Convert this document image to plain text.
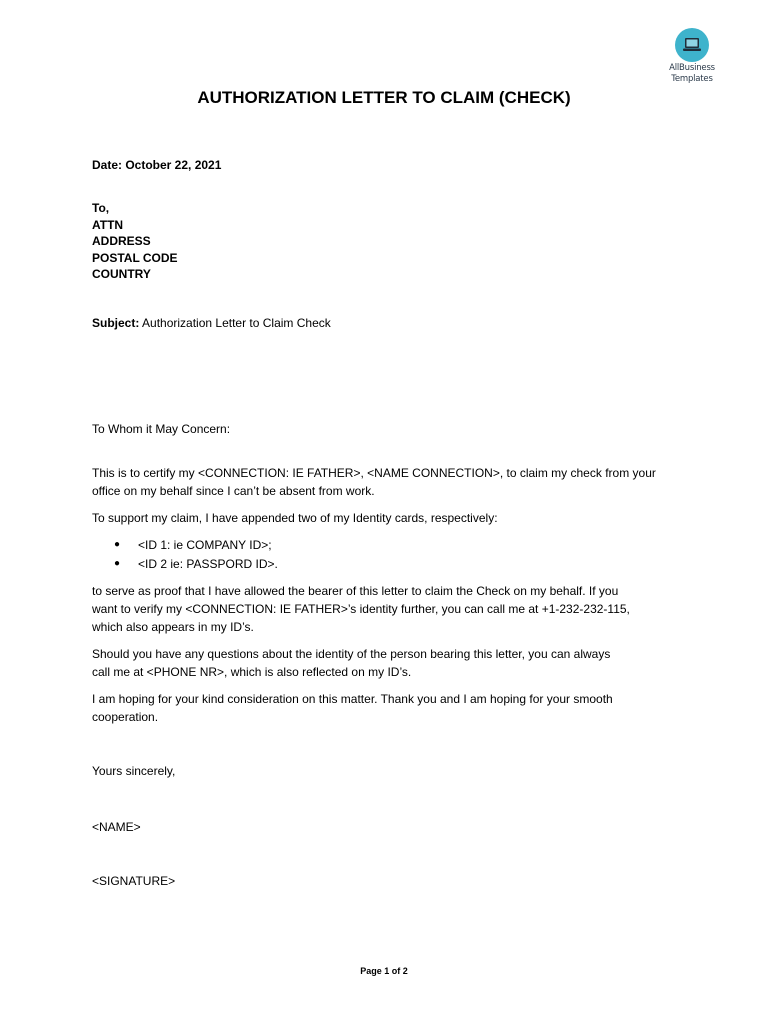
AllBusiness
Templates
AUTHORIZATION LETTER TO CLAIM (CHECK)
Date: October 22, 2021
To,
ATTN
ADDRESS
POSTAL CODE
COUNTRY
Subject: Authorization Letter to Claim Check
To Whom it May Concern:
This is to certify my <CONNECTION: IE FATHER>, <NAME CONNECTION>, to claim my check from your
office on my behalf since I can’t be absent from work.
To support my claim, I have appended two of my Identity cards, respectively:
● <ID 1: ie COMPANY ID>;
● <ID 2 ie: PASSPORD ID>.
to serve as proof that I have allowed the bearer of this letter to claim the Check on my behalf. If you
want to verify my <CONNECTION: IE FATHER>’s identity further, you can call me at +1-232-232-115,
which also appears in my ID’s.
Should you have any questions about the identity of the person bearing this letter, you can always
call me at <PHONE NR>, which is also reflected on my ID’s.
I am hoping for your kind consideration on this matter. Thank you and I am hoping for your smooth
cooperation.
Yours sincerely,
<NAME>
<SIGNATURE>
Page 1 of 2
